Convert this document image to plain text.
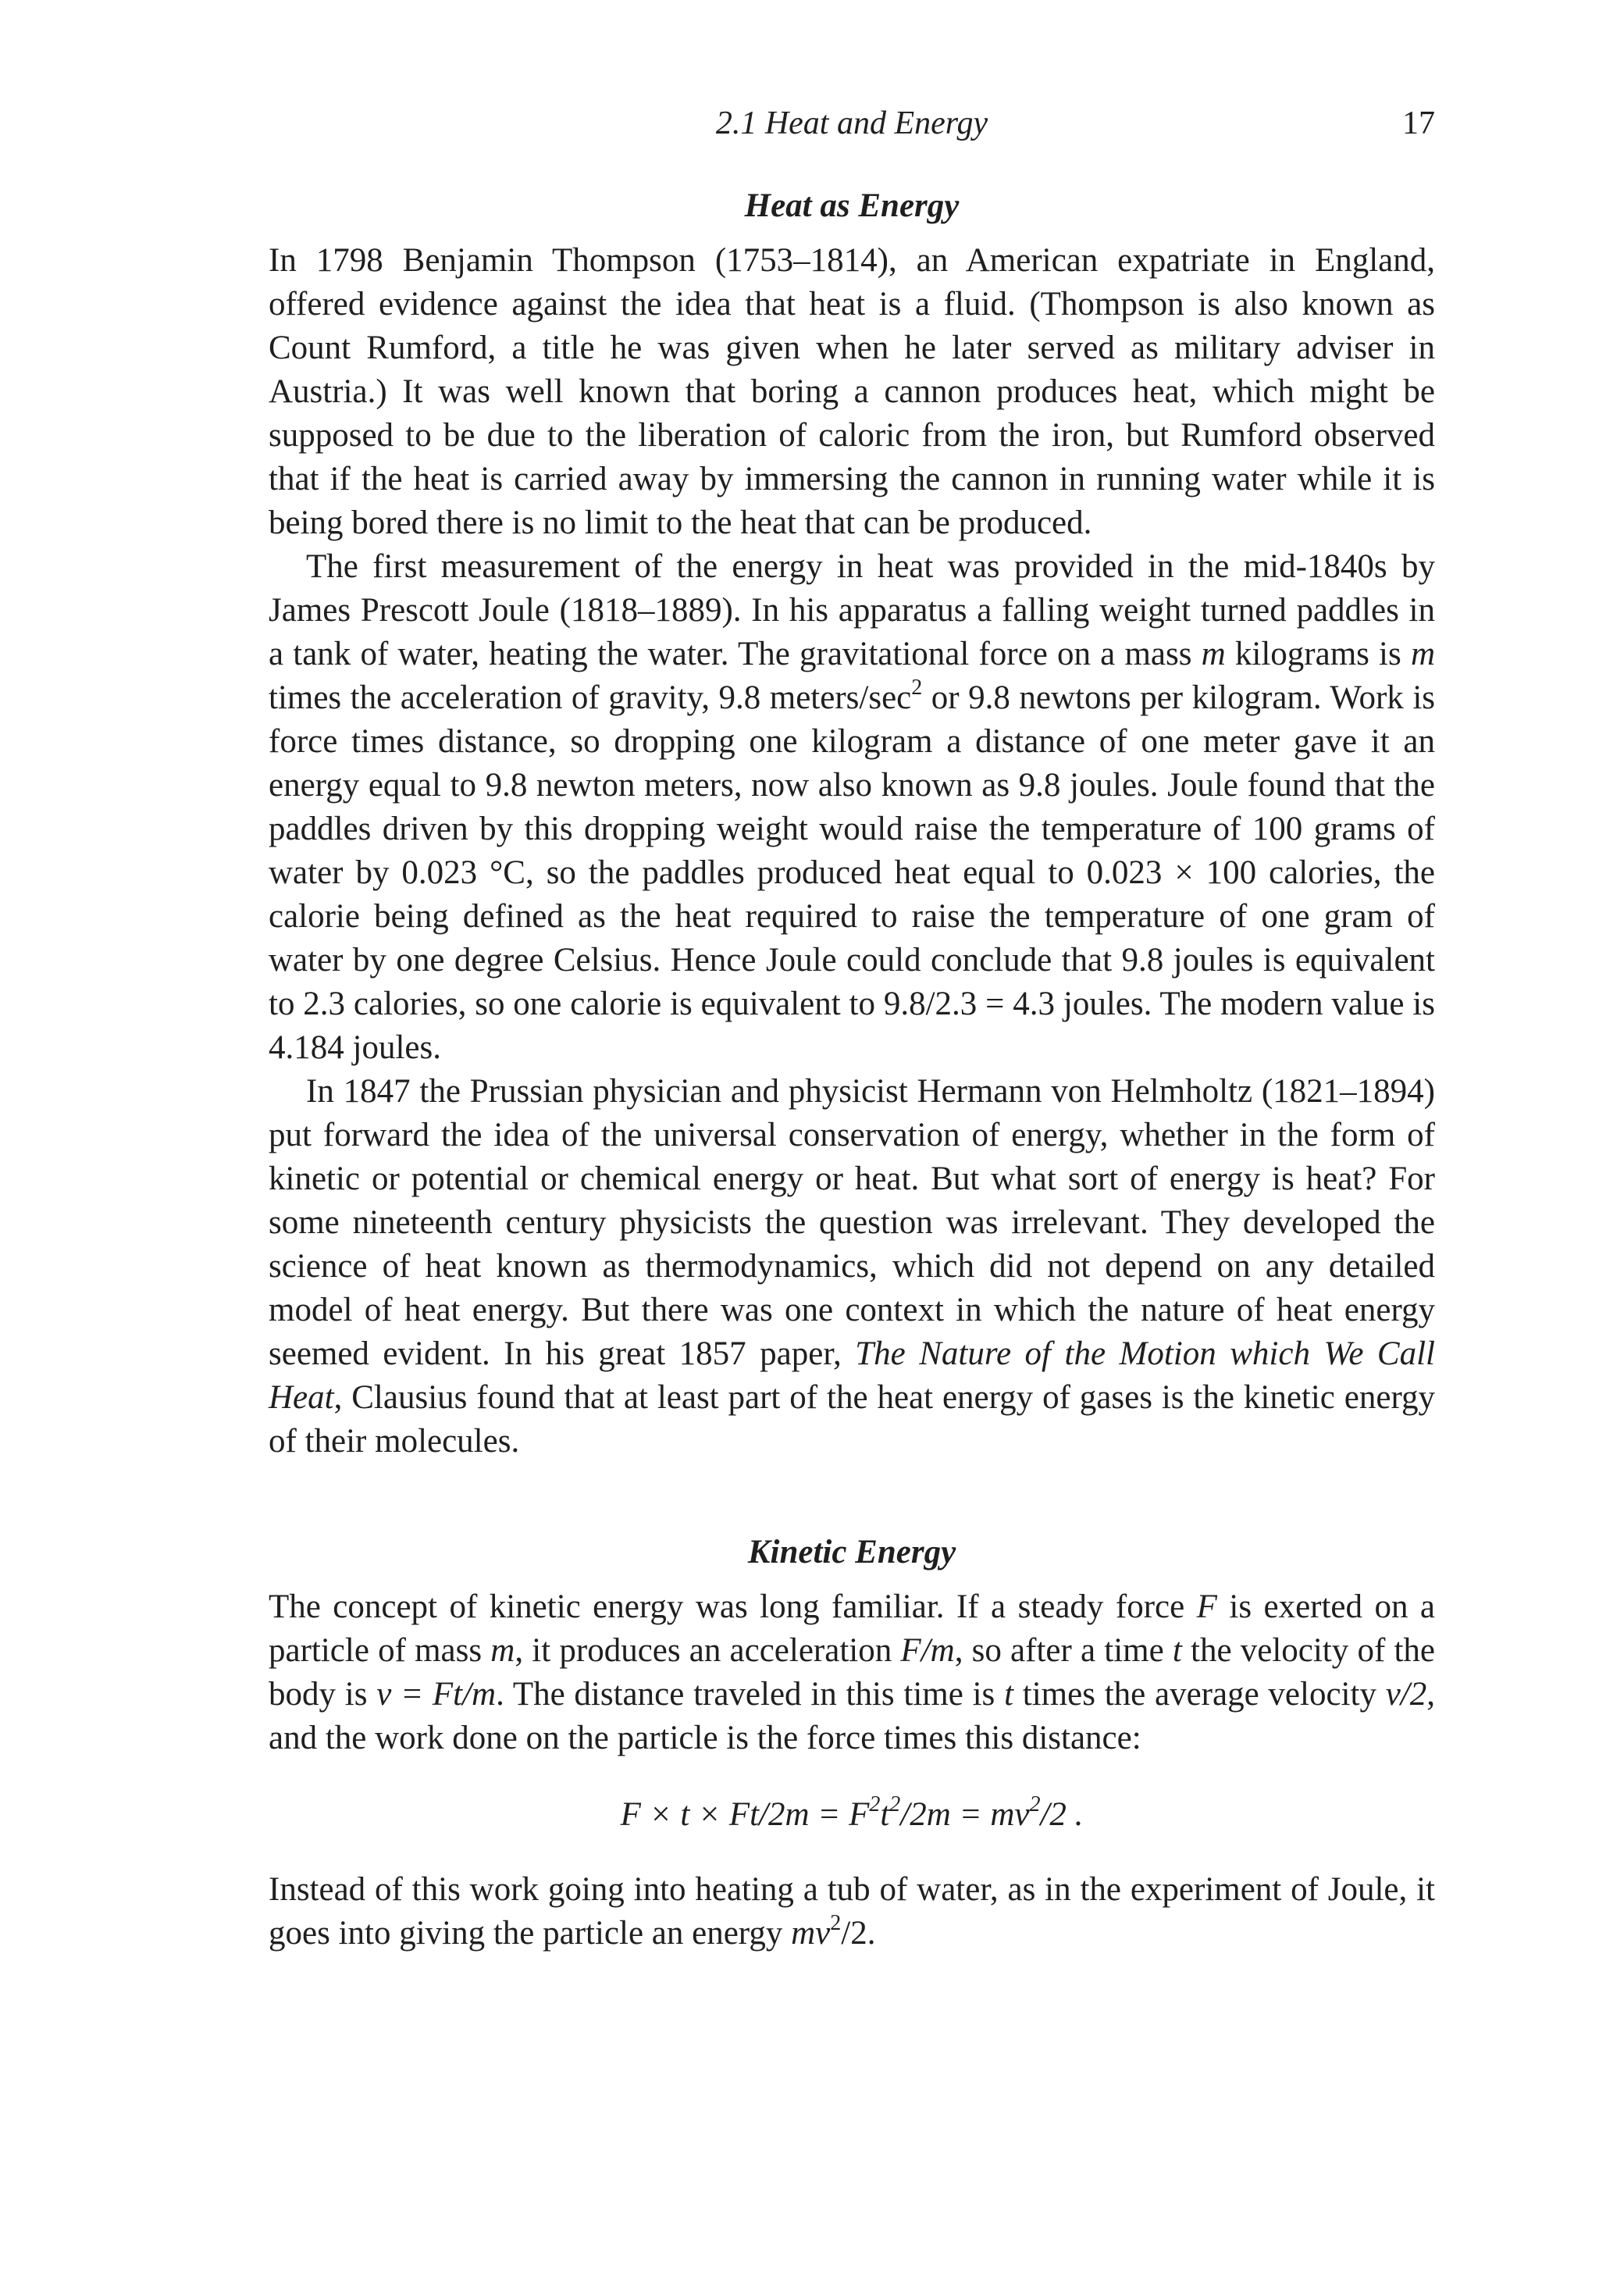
2.1 Heat and Energy	17
Heat as Energy

In 1798 Benjamin Thompson (1753–1814), an American expatriate in England, offered evidence against the idea that heat is a fluid. (Thompson is also known as Count Rumford, a title he was given when he later served as military adviser in Austria.) It was well known that boring a cannon produces heat, which might be supposed to be due to the liberation of caloric from the iron, but Rumford observed that if the heat is carried away by immersing the cannon in running water while it is being bored there is no limit to the heat that can be produced.

The first measurement of the energy in heat was provided in the mid-1840s by James Prescott Joule (1818–1889). In his apparatus a falling weight turned paddles in a tank of water, heating the water. The gravitational force on a mass m kilograms is m times the acceleration of gravity, 9.8 meters/$\sec^2$ or 9.8 newtons per kilogram. Work is force times distance, so dropping one kilogram a distance of one meter gave it an energy equal to 9.8 newton meters, now also known as 9.8 joules. Joule found that the paddles driven by this dropping weight would raise the temperature of 100 grams of water by 0.023 °C, so the paddles produced heat equal to 0.023 × 100 calories, the calorie being defined as the heat required to raise the temperature of one gram of water by one degree Celsius. Hence Joule could conclude that 9.8 joules is equivalent to 2.3 calories, so one calorie is equivalent to 9.8/2.3 = 4.3 joules. The modern value is 4.184 joules.

In 1847 the Prussian physician and physicist Hermann von Helmholtz (1821–1894) put forward the idea of the universal conservation of energy, whether in the form of kinetic or potential or chemical energy or heat. But what sort of energy is heat? For some nineteenth century physicists the question was irrelevant. They developed the science of heat known as thermodynamics, which did not depend on any detailed model of heat energy. But there was one context in which the nature of heat energy seemed evident. In his great 1857 paper, The Nature of the Motion which We Call Heat, Clausius found that at least part of the heat energy of gases is the kinetic energy of their molecules.

Kinetic Energy

The concept of kinetic energy was long familiar. If a steady force F is exerted on a particle of mass m, it produces an acceleration F/m, so after a time t the velocity of the body is v = Ft/m. The distance traveled in this time is t times the average velocity v/2, and the work done on the particle is the force times this distance:

$F \times t \times Ft/2m = F^2t^2/2m = mv^2/2$ .

Instead of this work going into heating a tub of water, as in the experiment of Joule, it goes into giving the particle an energy $mv^2/2$.
